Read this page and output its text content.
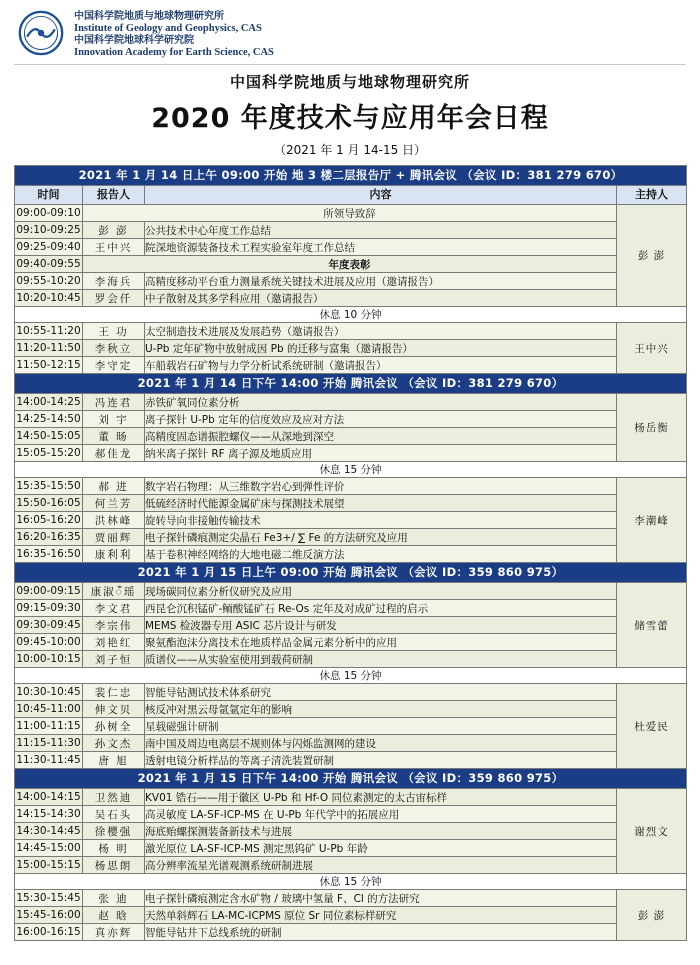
中国科学院地质与地球物理研究所
Institute of Geology and Geophysics, CAS
中国科学院地球科学研究院
Innovation Academy for Earth Science, CAS
中国科学院地质与地球物理研究所
2020 年度技术与应用年会日程
（2021 年 1 月 14-15 日）
2021 年 1 月 14 日上午 09:00 开始 地 3 楼二层报告厅 + 腾讯会议 （会议 ID：381 279 670）			
时间	报告人	内容	主持人
09:00-09:10	所领导致辞		彭 澎
09:10-09:25	彭 澎	公共技术中心年度工作总结	
09:25-09:40	王中兴	院深地资源装备技术工程实验室年度工作总结	
09:40-09:55	年度表彰		
09:55-10:20	李海兵	高精度移动平台重力测量系统关键技术进展及应用（邀请报告）	
10:20-10:45	罗会仟	中子散射及其多学科应用（邀请报告）	
休息 10 分钟			
10:55-11:20	王 功	太空制造技术进展及发展趋势（邀请报告）	王中兴
11:20-11:50	李秋立	U-Pb 定年矿物中放射成因 Pb 的迁移与富集（邀请报告）	
11:50-12:15	李守定	车船载岩石矿物与力学分析试系统研制（邀请报告）	
2021 年 1 月 14 日下午 14:00 开始 腾讯会议 （会议 ID：381 279 670）			
14:00-14:25	冯连君	赤铁矿氧同位素分析	杨岳衡
14:25-14:50	刘 宇	离子探针 U-Pb 定年的信度效应及应对方法	
14:50-15:05	董 旸	高精度固态谱振腔螺仪——从深地到深空	
15:05-15:20	郝佳龙	纳米离子探针 RF 离子源及地质应用	
休息 15 分钟			
15:35-15:50	郝 进	数字岩石物理：从三维数字岩心到弹性评价	李潮峰
15:50-16:05	何兰芳	低硫经济时代能源金属矿床与探测技术展望	
16:05-16:20	洪林峰	旋转导向非接触传输技术	
16:20-16:35	贾丽辉	电子探针磷痕测定尖晶石 Fe3+/ ∑ Fe 的方法研究及应用	
16:35-16:50	康利利	基于卷积神经网络的大地电磁二维反演方法	
2021 年 1 月 15 日上午 09:00 开始 腾讯会议 （会议 ID：359 860 975）			
09:00-09:15	康淑ँ瑶	现场碳同位素分析仪研究及应用	储雪蕾
09:15-09:30	李文君	西昆仑沉积锰矿-鲕酸锰矿石 Re-Os 定年及对成矿过程的启示	
09:30-09:45	李宗伟	MEMS 检波器专用 ASIC 芯片设计与研发	
09:45-10:00	刘艳红	聚氨酯泡沫分离技术在地质样品金属元素分析中的应用	
10:00-10:15	刘子恒	质谱仪——从实验室使用到载荷研制	
休息 15 分钟			
10:30-10:45	裴仁忠	智能导钻测试技术体系研究	杜爱民
10:45-11:00	伸文贝	核反冲对黑云母氩氩定年的影响	
11:00-11:15	孙树全	星载磁强计研制	
11:15-11:30	孙文杰	南中国及周边电离层不规则体与闪烁监测网的建设	
11:30-11:45	唐 旭	透射电镜分析样品的等离子清洗装置研制	
2021 年 1 月 15 日下午 14:00 开始 腾讯会议 （会议 ID：359 860 975）			
14:00-14:15	卫然迪	KV01 锆石——用于徽区 U-Pb 和 Hf-O 同位素测定的太古宙标样	谢烈文
14:15-14:30	吴石头	高灵敏度 LA-SF-ICP-MS 在 U-Pb 年代学中的拓展应用	
14:30-14:45	徐樱强	海底贻螺探测装备新技术与进展	
14:45-15:00	杨 明	激光原位 LA-SF-ICP-MS 测定黑钨矿 U-Pb 年龄	
15:00-15:15	杨思朗	高分辨率流星光谱观测系统研制进展	
休息 15 分钟			
15:30-15:45	张 迪	电子探针磷痕测定含水矿物 / 玻璃中氢量 F、Cl 的方法研究	彭 澎
15:45-16:00	赵 晗	天然单斜辉石 LA-MC-ICPMS 原位 Sr 同位素标样研究	
16:00-16:15	真亦辉	智能导钻井下总线系统的研制	
